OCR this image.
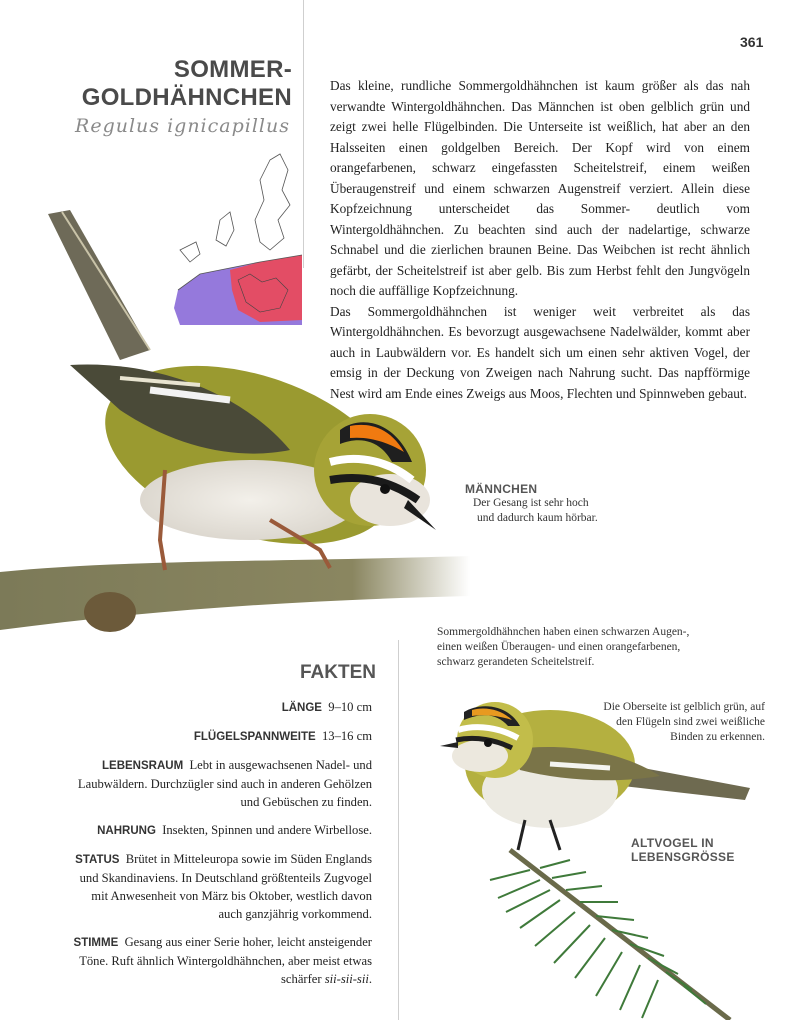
361
SOMMER-
GOLDHÄHNCHEN
Regulus ignicapillus

Das kleine, rundliche Sommergoldhähnchen ist kaum größer als das nah verwandte Wintergoldhähnchen. Das Männchen ist oben gelblich grün und zeigt zwei helle Flügelbinden. Die Unterseite ist weißlich, hat aber an den Halsseiten einen goldgelben Bereich. Der Kopf wird von einem orangefarbenen, schwarz eingefassten Scheitelstreif, einem weißen Überaugenstreif und einem schwarzen Augenstreif verziert. Allein diese Kopfzeichnung unterscheidet das Sommer- deutlich vom Wintergoldhähnchen. Zu beachten sind auch der nadelartige, schwarze Schnabel und die zierlichen braunen Beine. Das Weibchen ist recht ähnlich gefärbt, der Scheitelstreif ist aber gelb. Bis zum Herbst fehlt den Jungvögeln noch die auffällige Kopfzeichnung.

Das Sommergoldhähnchen ist weniger weit verbreitet als das Wintergoldhähnchen. Es bevorzugt ausgewachsene Nadelwälder, kommt aber auch in Laubwäldern vor. Es handelt sich um einen sehr aktiven Vogel, der emsig in der Deckung von Zweigen nach Nahrung sucht. Das napfförmige Nest wird am Ende eines Zweigs aus Moos, Flechten und Spinnweben gebaut.

MÄNNCHEN
Der Gesang ist sehr hoch
und dadurch kaum hörbar.
Sommergoldhähnchen haben einen schwarzen Augen-,
einen weißen Überaugen- und einen orangefarbenen,
schwarz gerandeten Scheitelstreif.
FAKTEN
LÄNGE 9–10 cm
FLÜGELSPANNWEITE 13–16 cm
LEBENSRAUM Lebt in ausgewachsenen Nadel- und Laubwäldern. Durchzügler sind auch in anderen Gehölzen und Gebüschen zu finden.
NAHRUNG Insekten, Spinnen und andere Wirbellose.
STATUS Brütet in Mitteleuropa sowie im Süden Englands und Skandinaviens. In Deutschland größtenteils Zugvogel mit Anwesenheit von März bis Oktober, westlich davon auch ganzjährig vorkommend.
STIMME Gesang aus einer Serie hoher, leicht ansteigender Töne. Ruft ähnlich Wintergoldhähnchen, aber meist etwas schärfer sii-sii-sii.
Die Oberseite ist gelblich grün, auf
den Flügeln sind zwei weißliche
Binden zu erkennen.
ALTVOGEL IN
LEBENSGRÖSSE
